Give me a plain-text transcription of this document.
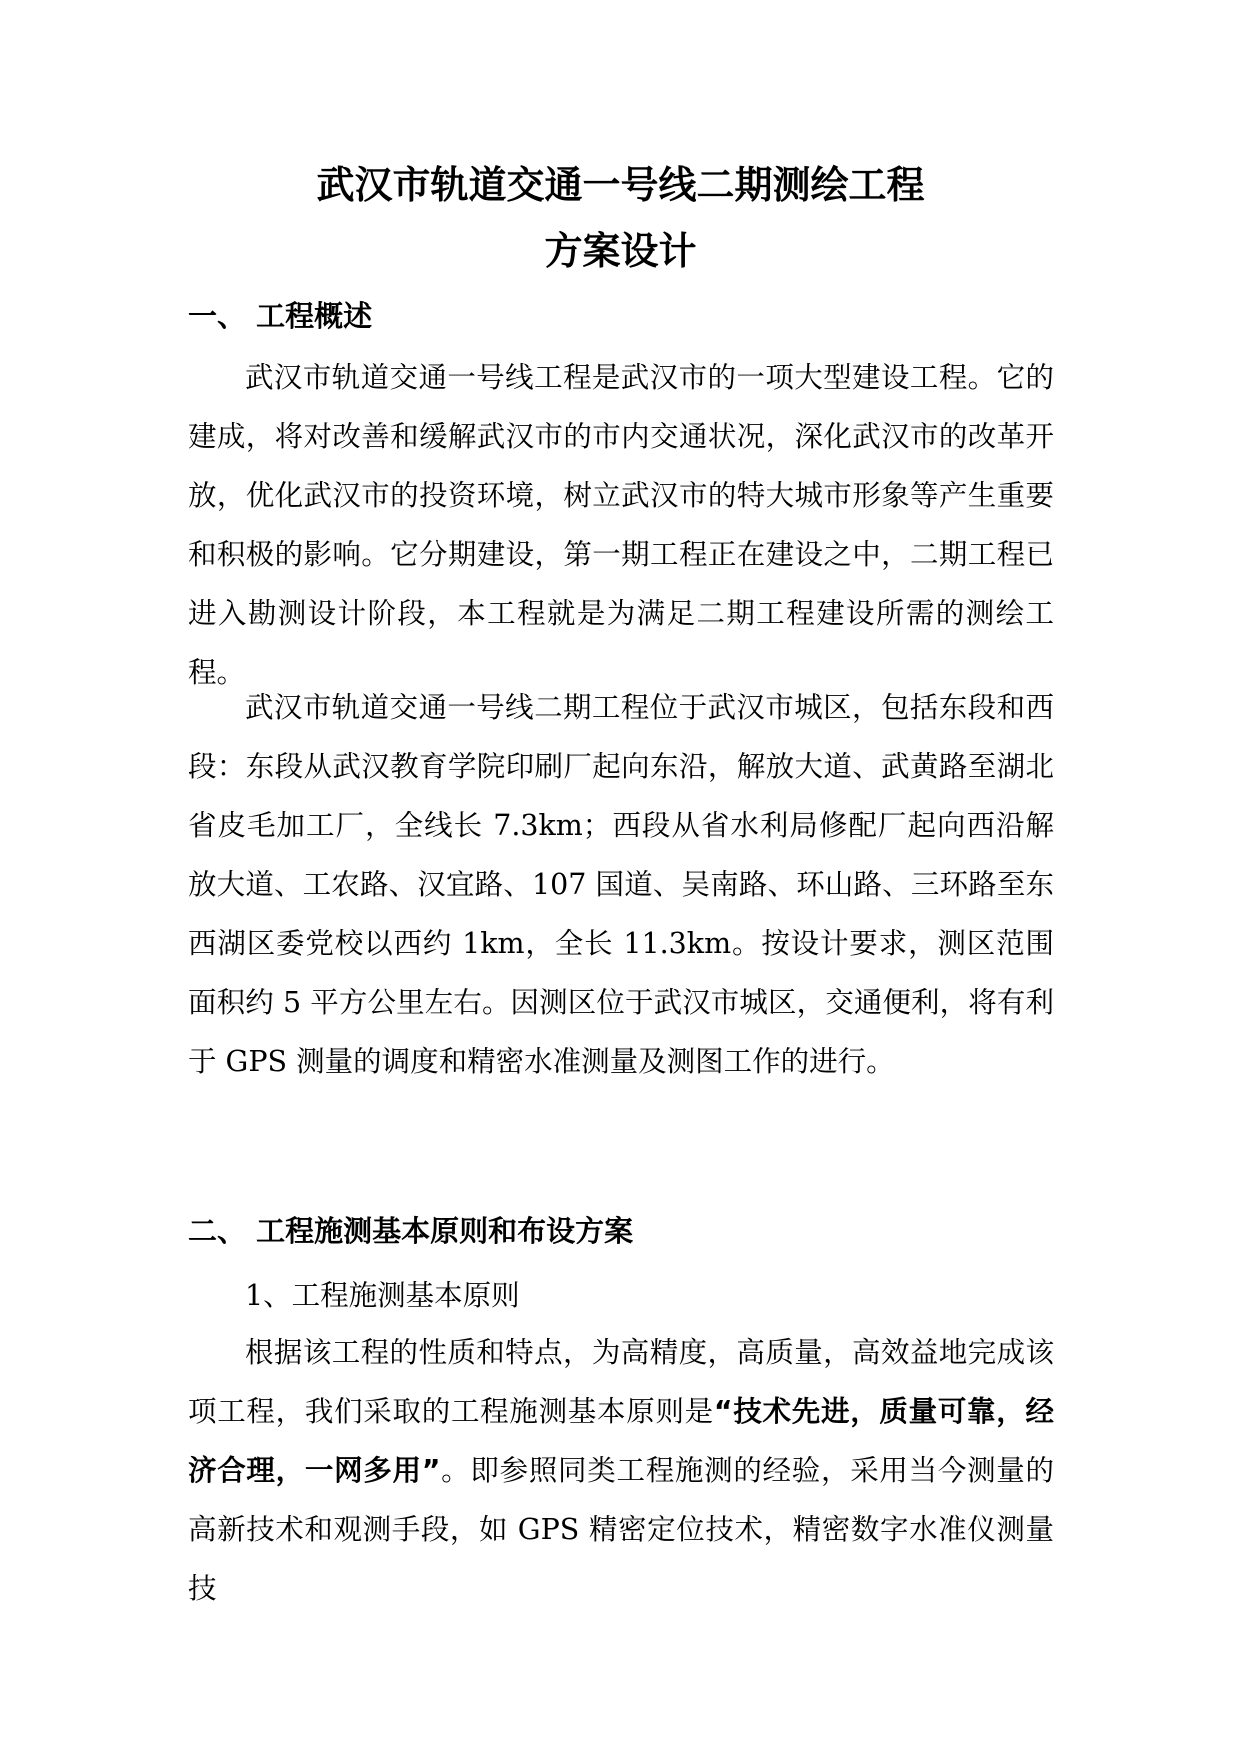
武汉市轨道交通一号线二期测绘工程
方案设计
一、 工程概述
武汉市轨道交通一号线工程是武汉市的一项大型建设工程。它的建成，将对改善和缓解武汉市的市内交通状况，深化武汉市的改革开放，优化武汉市的投资环境，树立武汉市的特大城市形象等产生重要和积极的影响。它分期建设，第一期工程正在建设之中，二期工程已进入勘测设计阶段，本工程就是为满足二期工程建设所需的测绘工程。
武汉市轨道交通一号线二期工程位于武汉市城区，包括东段和西段：东段从武汉教育学院印刷厂起向东沿，解放大道、武黄路至湖北省皮毛加工厂，全线长 7.3km；西段从省水利局修配厂起向西沿解放大道、工农路、汉宜路、107 国道、吴南路、环山路、三环路至东西湖区委党校以西约 1km，全长 11.3km。按设计要求，测区范围面积约 5 平方公里左右。因测区位于武汉市城区，交通便利，将有利于 GPS 测量的调度和精密水准测量及测图工作的进行。
二、 工程施测基本原则和布设方案
1、工程施测基本原则
根据该工程的性质和特点，为高精度，高质量，高效益地完成该项工程，我们采取的工程施测基本原则是“技术先进，质量可靠，经济合理，一网多用”。即参照同类工程施测的经验，采用当今测量的高新技术和观测手段，如 GPS 精密定位技术，精密数字水准仪测量技
